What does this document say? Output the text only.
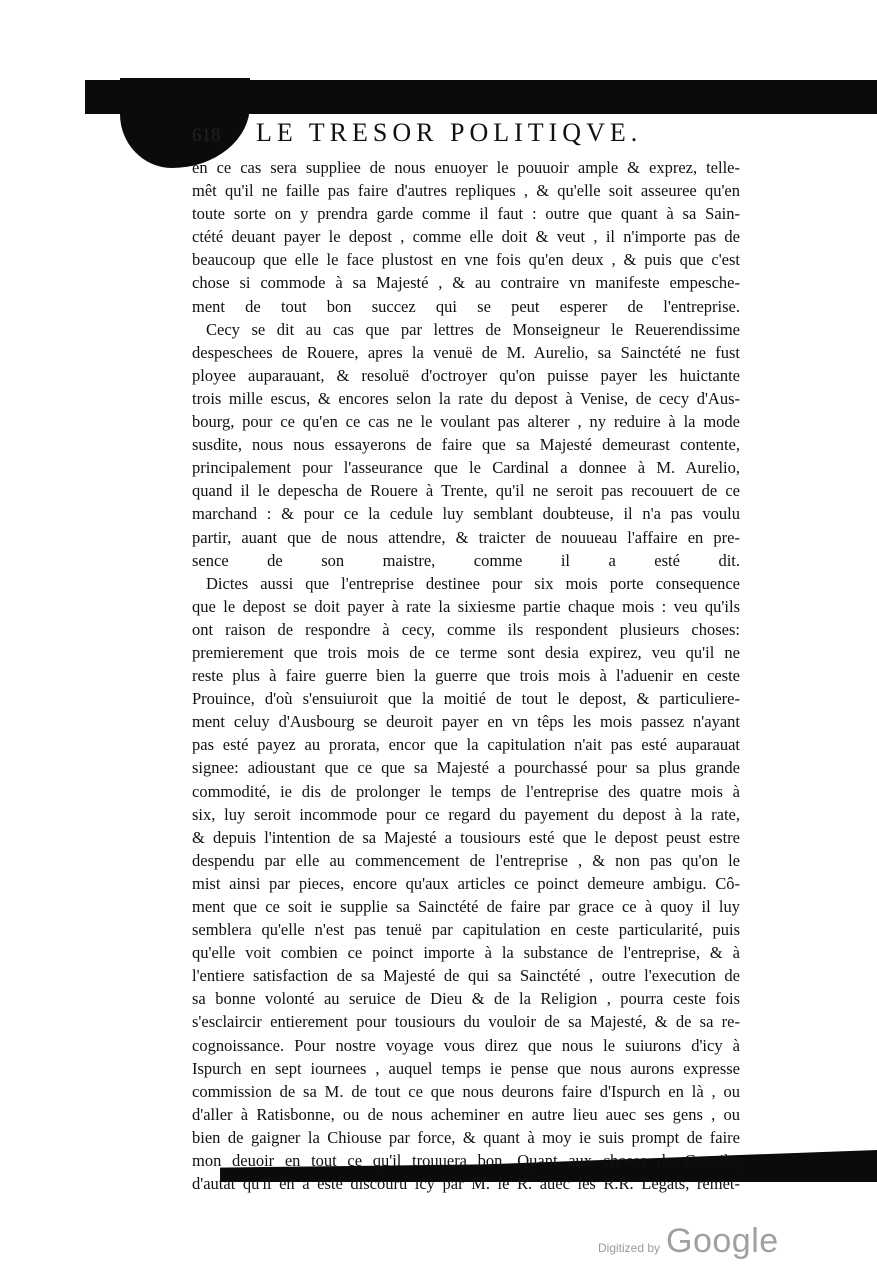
618	LE TRESOR POLITIQVE.
en ce cas sera suppliee de nous enuoyer le pouuoir ample & exprez, telle-
mêt qu'il ne faille pas faire d'autres repliques , & qu'elle soit asseuree qu'en
toute sorte on y prendra garde comme il faut : outre que quant à sa Sain-
ctété deuant payer le depost , comme elle doit & veut , il n'importe pas de
beaucoup que elle le face plustost en vne fois qu'en deux , & puis que c'est
chose si commode à sa Majesté , & au contraire vn manifeste empesche-
ment de tout bon succez qui se peut esperer de l'entreprise.
Cecy se dit au cas que par lettres de Monseigneur le Reuerendissime
despeschees de Rouere, apres la venuë de M. Aurelio, sa Sainctété ne fust
ployee auparauant, & resoluë d'octroyer qu'on puisse payer les huictante
trois mille escus, & encores selon la rate du depost à Venise, de cecy d'Aus-
bourg, pour ce qu'en ce cas ne le voulant pas alterer , ny reduire à la mode
susdite, nous nous essayerons de faire que sa Majesté demeurast contente,
principalement pour l'asseurance que le Cardinal a donnee à M. Aurelio,
quand il le depescha de Rouere à Trente, qu'il ne seroit pas recouuert de ce
marchand : & pour ce la cedule luy semblant doubteuse, il n'a pas voulu
partir, auant que de nous attendre, & traicter de nouueau l'affaire en pre-
sence de son maistre, comme il a esté dit.
Dictes aussi que l'entreprise destinee pour six mois porte consequence
que le depost se doit payer à rate la sixiesme partie chaque mois : veu qu'ils
ont raison de respondre à cecy, comme ils respondent plusieurs choses:
premierement que trois mois de ce terme sont desia expirez, veu qu'il ne
reste plus à faire guerre bien la guerre que trois mois à l'aduenir en ceste
Prouince, d'où s'ensuiuroit que la moitié de tout le depost, & particuliere-
ment celuy d'Ausbourg se deuroit payer en vn têps les mois passez n'ayant
pas esté payez au prorata, encor que la capitulation n'ait pas esté auparauat
signee: adioustant que ce que sa Majesté a pourchassé pour sa plus grande
commodité, ie dis de prolonger le temps de l'entreprise des quatre mois à
six, luy seroit incommode pour ce regard du payement du depost à la rate,
& depuis l'intention de sa Majesté a tousiours esté que le depost peust estre
despendu par elle au commencement de l'entreprise , & non pas qu'on le
mist ainsi par pieces, encore qu'aux articles ce poinct demeure ambigu. Cô-
ment que ce soit ie supplie sa Sainctété de faire par grace ce à quoy il luy
semblera qu'elle n'est pas tenuë par capitulation en ceste particularité, puis
qu'elle voit combien ce poinct importe à la substance de l'entreprise, & à
l'entiere satisfaction de sa Majesté de qui sa Sainctété , outre l'execution de
sa bonne volonté au seruice de Dieu & de la Religion , pourra ceste fois
s'esclaircir entierement pour tousiours du vouloir de sa Majesté, & de sa re-
cognoissance. Pour nostre voyage vous direz que nous le suiurons d'icy à
Ispurch en sept iournees , auquel temps ie pense que nous aurons expresse
commission de sa M. de tout ce que nous deurons faire d'Ispurch en là , ou
d'aller à Ratisbonne, ou de nous acheminer en autre lieu auec ses gens , ou
bien de gaigner la Chiouse par force, & quant à moy ie suis prompt de faire
mon deuoir en tout ce qu'il trouuera bon. Quant aux choses du Concile,
d'autât qu'il en a esté discouru icy par M. le R. auec les R.R. Legats, remet-
Digitized by Google
